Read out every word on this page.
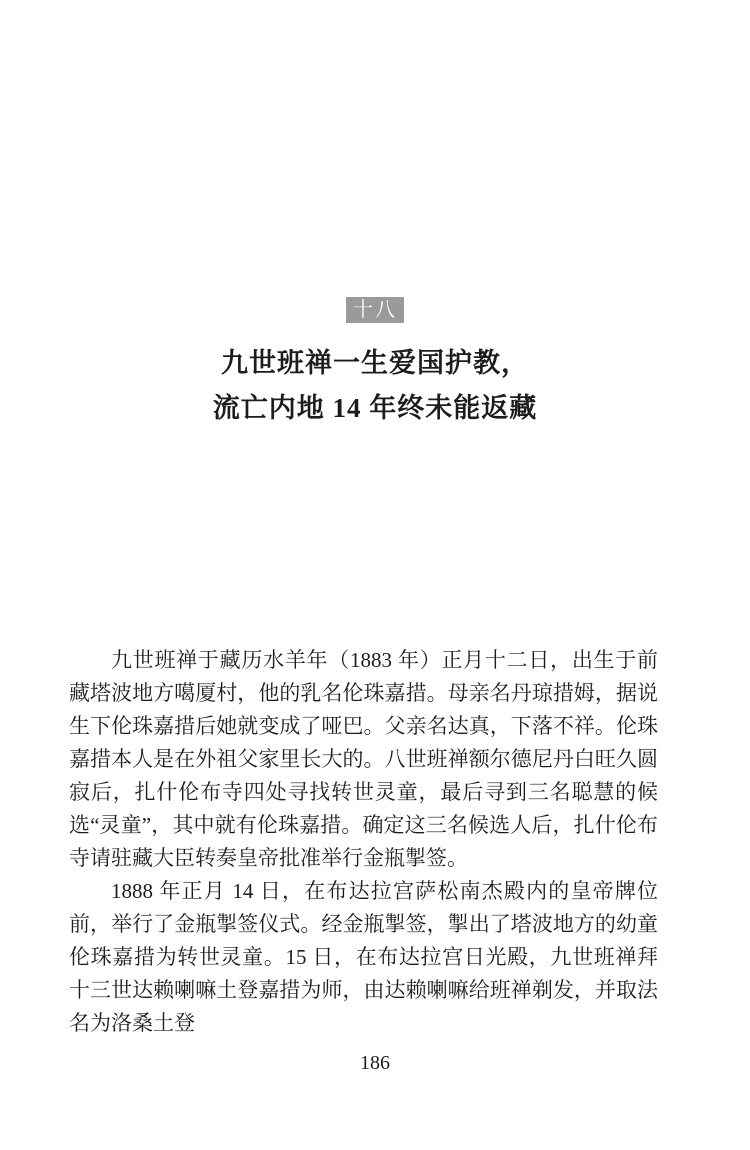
十八
九世班禅一生爱国护教，
流亡内地 14 年终未能返藏

九世班禅于藏历水羊年（1883 年）正月十二日，出生于前藏塔波地方噶厦村，他的乳名伦珠嘉措。母亲名丹琼措姆，据说生下伦珠嘉措后她就变成了哑巴。父亲名达真，下落不祥。伦珠嘉措本人是在外祖父家里长大的。八世班禅额尔德尼丹白旺久圆寂后，扎什伦布寺四处寻找转世灵童，最后寻到三名聪慧的候选“灵童”，其中就有伦珠嘉措。确定这三名候选人后，扎什伦布寺请驻藏大臣转奏皇帝批准举行金瓶掣签。

1888 年正月 14 日，在布达拉宫萨松南杰殿内的皇帝牌位前，举行了金瓶掣签仪式。经金瓶掣签，掣出了塔波地方的幼童伦珠嘉措为转世灵童。15 日，在布达拉宫日光殿，九世班禅拜十三世达赖喇嘛土登嘉措为师，由达赖喇嘛给班禅剃发，并取法名为洛桑土登

186
